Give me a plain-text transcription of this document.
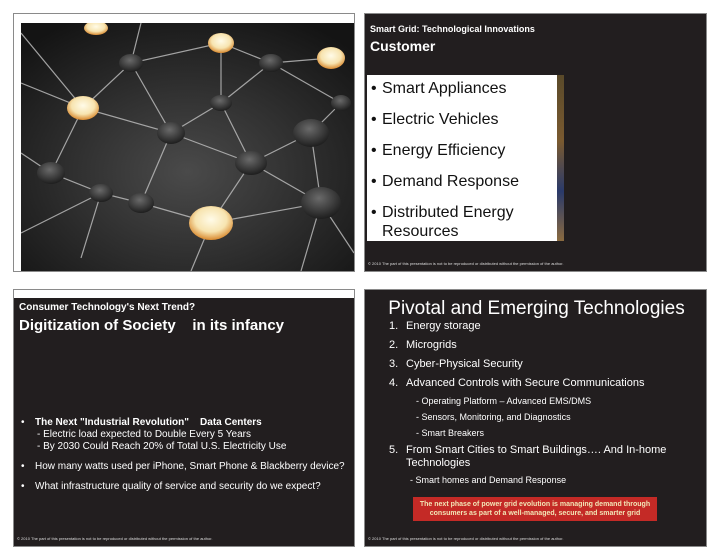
Smart Grid: Technological Innovations
Customer
• Smart Appliances
• Electric Vehicles
• Energy Efficiency
• Demand Response
• Distributed Energy Resources
© 2010 The part of this presentation is not to be reproduced or distributed without the permission of the author.
Consumer Technology's Next Trend?
Digitization of Society    in its infancy
• The Next "Industrial Revolution"    Data Centers
- Electric load expected to Double Every 5 Years
- By 2030 Could Reach 20% of Total U.S. Electricity Use
• How many watts used per iPhone, Smart Phone & Blackberry device?
• What infrastructure quality of service and security do we expect?
© 2010 The part of this presentation is not to be reproduced or distributed without the permission of the author.
Pivotal and Emerging Technologies
1. Energy storage
2. Microgrids
3. Cyber-Physical Security
4. Advanced Controls with Secure Communications
- Operating Platform – Advanced EMS/DMS
- Sensors, Monitoring, and Diagnostics
- Smart Breakers
5. From Smart Cities to Smart Buildings…. And In-home Technologies
- Smart homes and Demand Response
The next phase of power grid evolution is managing demand through
consumers as part of a well-managed, secure, and smarter grid
© 2010 The part of this presentation is not to be reproduced or distributed without the permission of the author.
